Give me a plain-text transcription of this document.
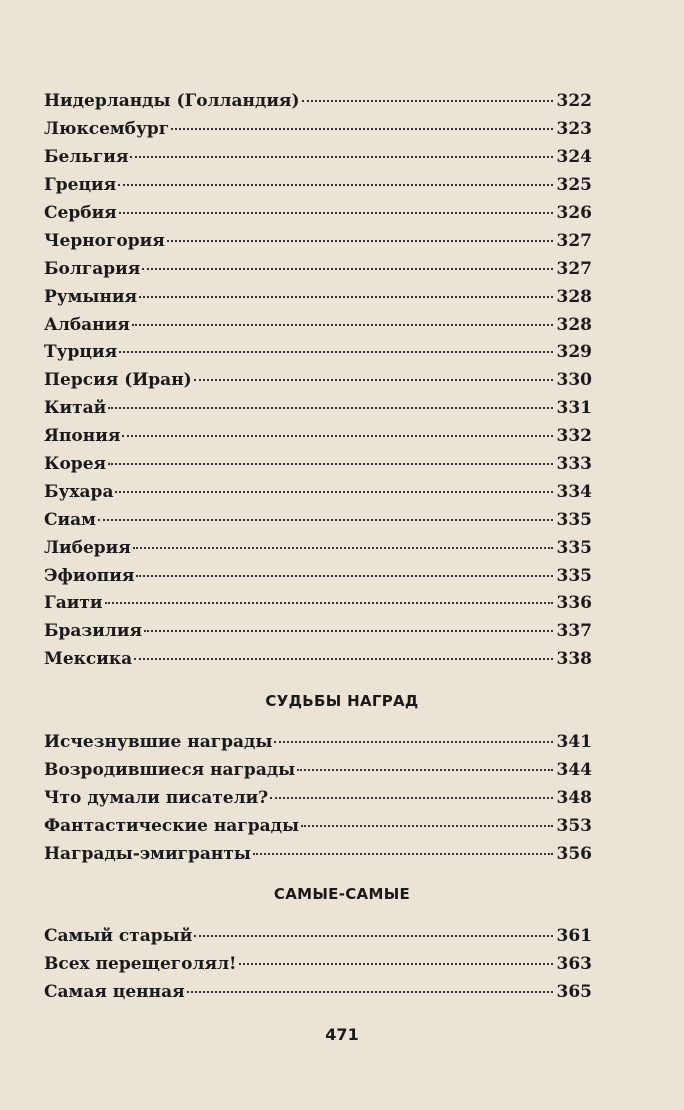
Нидерланды (Голландия)	322
Люксембург	323
Бельгия	324
Греция	325
Сербия	326
Черногория	327
Болгария	327
Румыния	328
Албания	328
Турция	329
Персия (Иран)	330
Китай	331
Япония	332
Корея	333
Бухара	334
Сиам	335
Либерия	335
Эфиопия	335
Гаити	336
Бразилия	337
Мексика	338
СУДЬБЫ НАГРАД
Исчезнувшие награды	341
Возродившиеся награды	344
Что думали писатели?	348
Фантастические награды	353
Награды-эмигранты	356
САМЫЕ-САМЫЕ
Самый старый	361
Всех перещеголял!	363
Самая ценная	365
471
